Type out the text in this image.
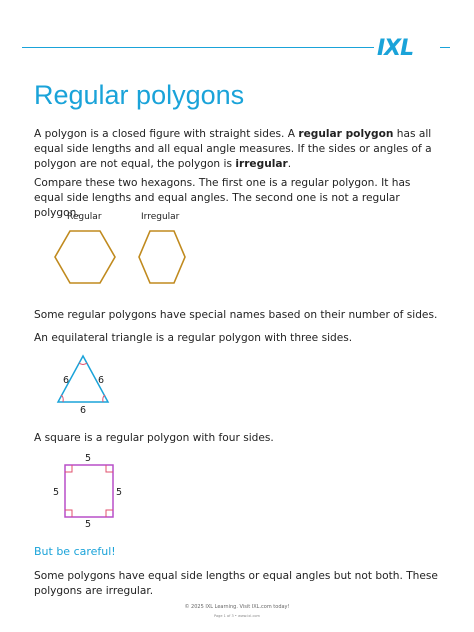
IXL
Regular polygons

A polygon is a closed figure with straight sides. A regular polygon has all equal side lengths and all equal angle measures. If the sides or angles of a polygon are not equal, the polygon is irregular.

Compare these two hexagons. The first one is a regular polygon. It has equal side lengths and equal angles. The second one is not a regular polygon.

Regular	Irregular

Some regular polygons have special names based on their number of sides.

An equilateral triangle is a regular polygon with three sides.

6	6
6

A square is a regular polygon with four sides.

5
5	5
5
But be careful!

Some polygons have equal side lengths or equal angles but not both. These polygons are irregular.

© 2025 IXL Learning. Visit IXL.com today!
Page 1 of 3 • www.ixl.com
